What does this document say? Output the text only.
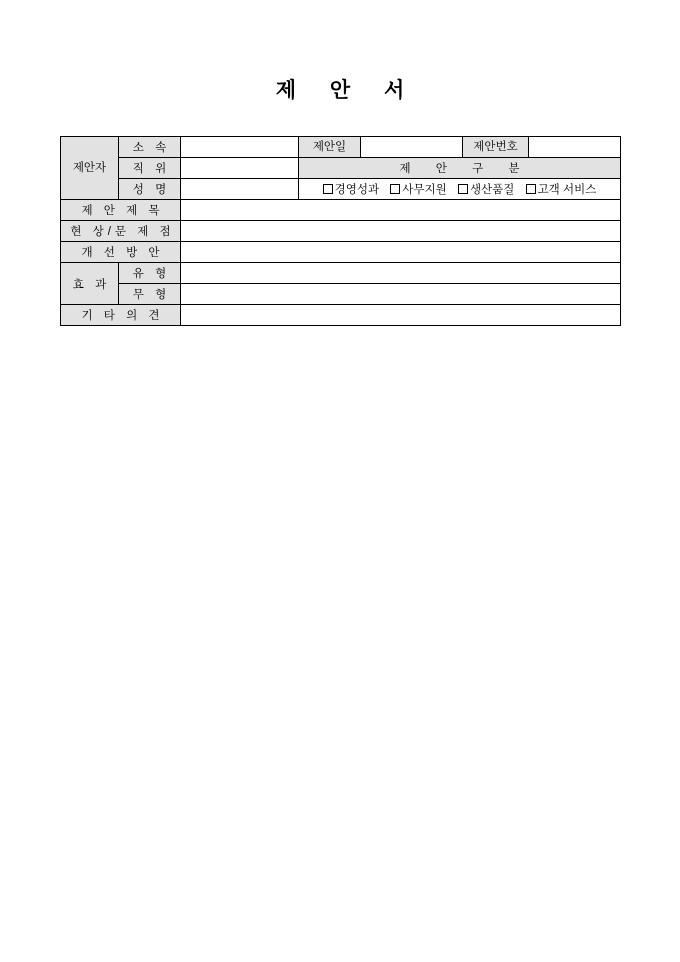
제 안 서
제안자	소 속		제안일		제안번호	
	직 위		제 안 구 분			
	성 명		경영성과 사무지원 생산품질 고객 서비스			
제 안 제 목						
현 상/문 제 점						
개 선 방 안						
효 과	유 형					
	무 형					
기 타 의 견						
